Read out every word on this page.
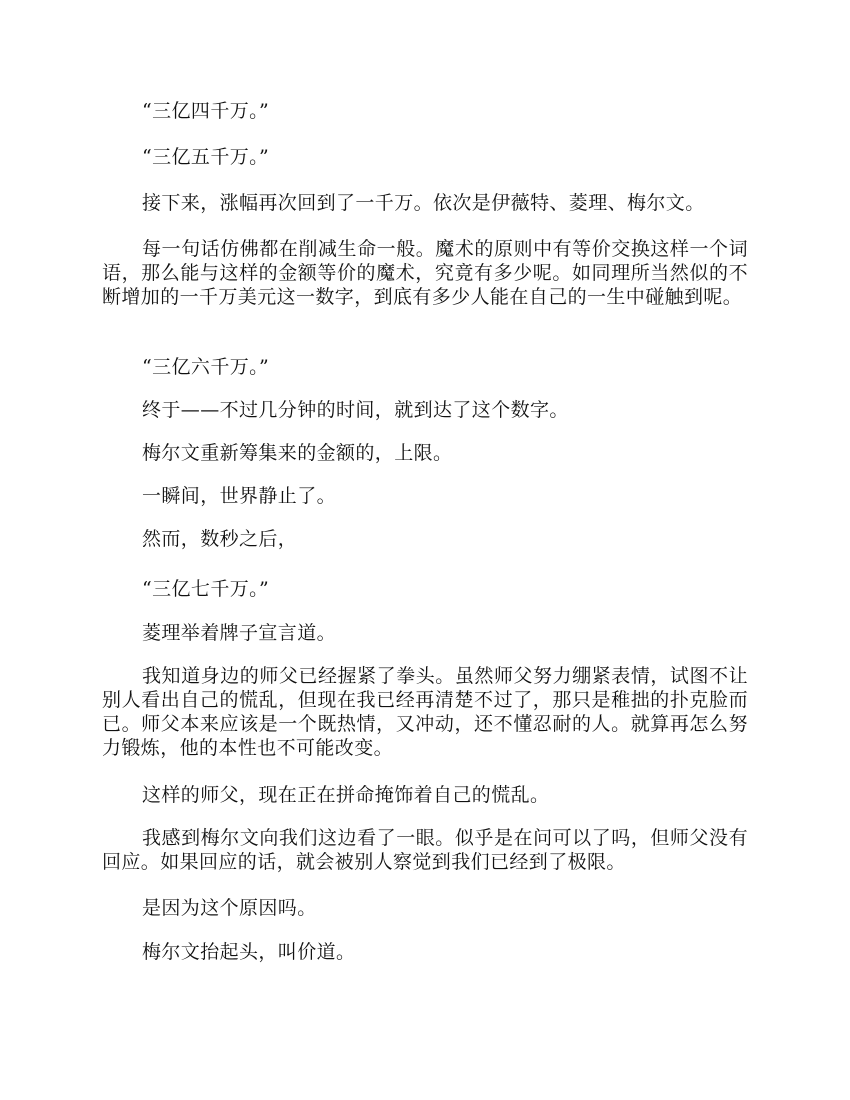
“三亿四千万。”

“三亿五千万。”

接下来，涨幅再次回到了一千万。依次是伊薇特、菱理、梅尔文。

每一句话仿佛都在削减生命一般。魔术的原则中有等价交换这样一个词语，那么能与这样的金额等价的魔术，究竟有多少呢。如同理所当然似的不断增加的一千万美元这一数字，到底有多少人能在自己的一生中碰触到呢。

“三亿六千万。”

终于——不过几分钟的时间，就到达了这个数字。

梅尔文重新筹集来的金额的，上限。

一瞬间，世界静止了。

然而，数秒之后，

“三亿七千万。”

菱理举着牌子宣言道。

我知道身边的师父已经握紧了拳头。虽然师父努力绷紧表情，试图不让别人看出自己的慌乱，但现在我已经再清楚不过了，那只是稚拙的扑克脸而已。师父本来应该是一个既热情，又冲动，还不懂忍耐的人。就算再怎么努力锻炼，他的本性也不可能改变。

这样的师父，现在正在拼命掩饰着自己的慌乱。

我感到梅尔文向我们这边看了一眼。似乎是在问可以了吗，但师父没有回应。如果回应的话，就会被别人察觉到我们已经到了极限。

是因为这个原因吗。

梅尔文抬起头，叫价道。
